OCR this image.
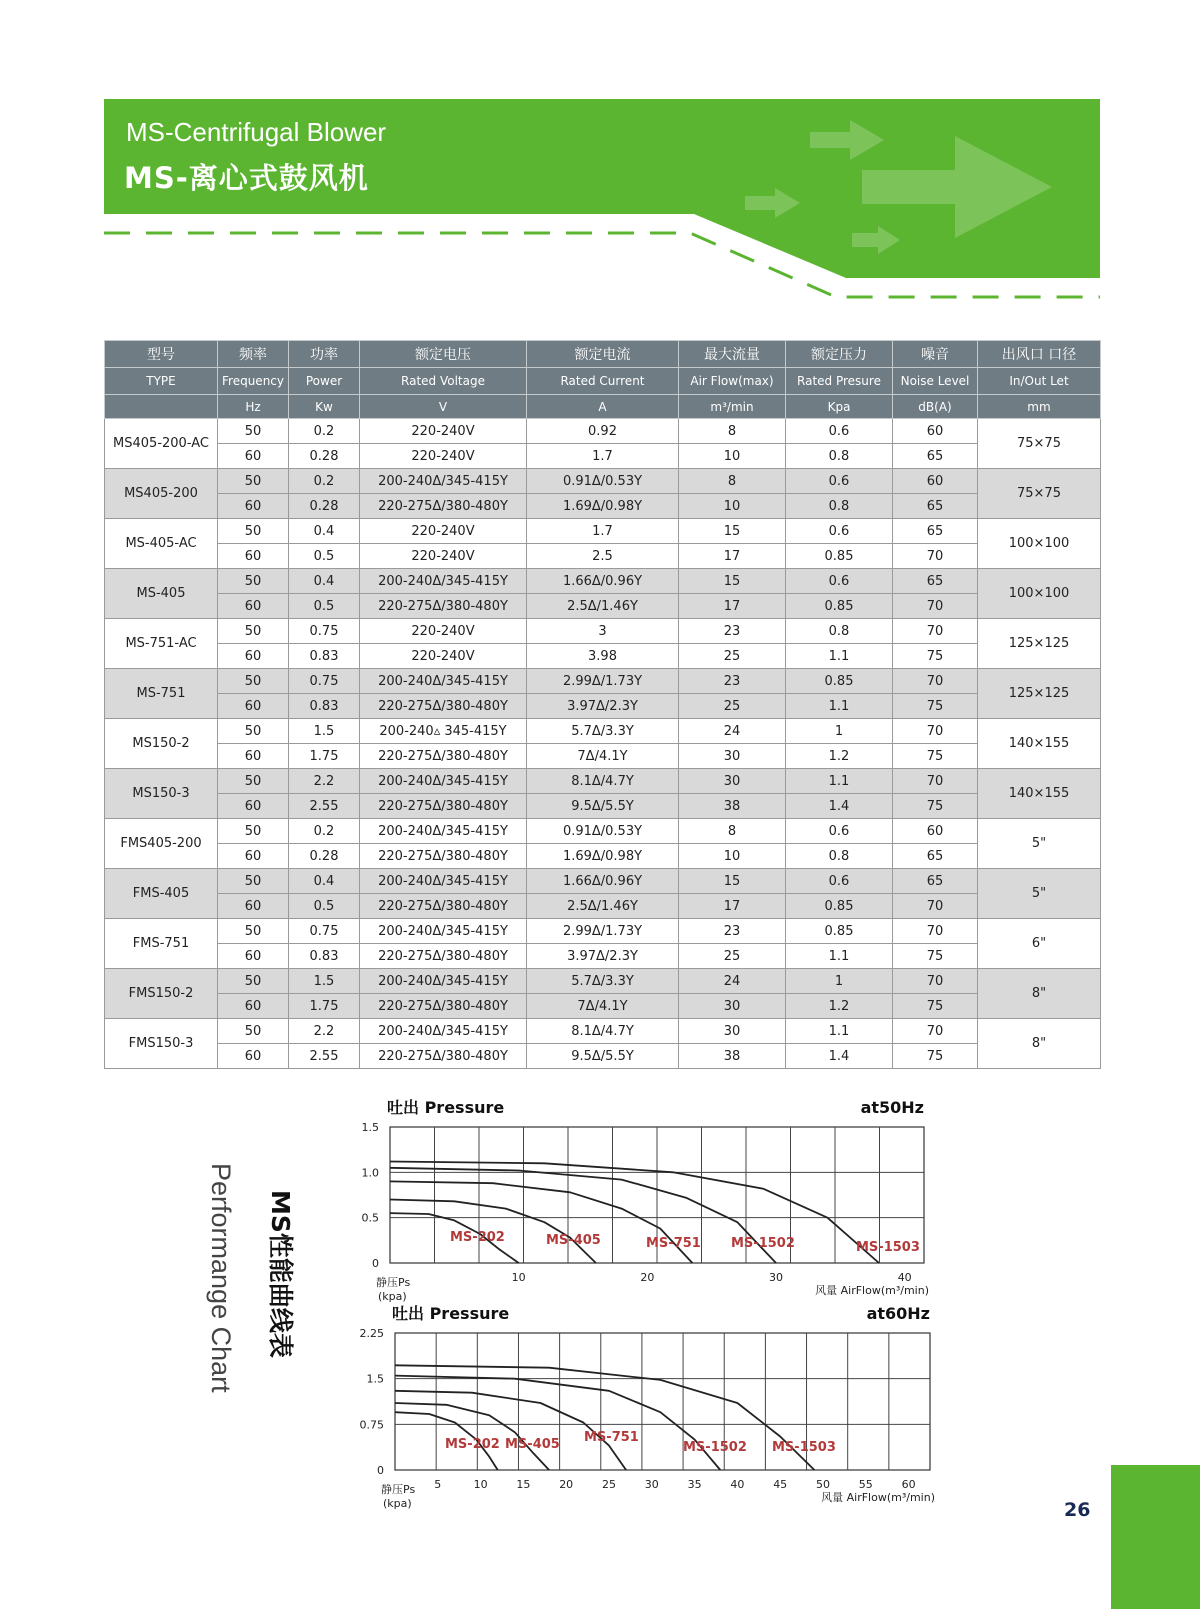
MS-Centrifugal Blower
MS-离心式鼓风机
型号	频率	功率	额定电压	额定电流	最大流量	额定压力	噪音	出风口 口径
TYPE	Frequency	Power	Rated Voltage	Rated Current	Air Flow(max)	Rated Presure	Noise Level	In/Out Let
	Hz	Kw	V	A	m³/min	Kpa	dB(A)	mm
MS405-200-AC	50	0.2	220-240V	0.92	8	0.6	60	75×75
	60	0.28	220-240V	1.7	10	0.8	65	
MS405-200	50	0.2	200-240Δ/345-415Y	0.91Δ/0.53Y	8	0.6	60	75×75
	60	0.28	220-275Δ/380-480Y	1.69Δ/0.98Y	10	0.8	65	
MS-405-AC	50	0.4	220-240V	1.7	15	0.6	65	100×100
	60	0.5	220-240V	2.5	17	0.85	70	
MS-405	50	0.4	200-240Δ/345-415Y	1.66Δ/0.96Y	15	0.6	65	100×100
	60	0.5	220-275Δ/380-480Y	2.5Δ/1.46Y	17	0.85	70	
MS-751-AC	50	0.75	220-240V	3	23	0.8	70	125×125
	60	0.83	220-240V	3.98	25	1.1	75	
MS-751	50	0.75	200-240Δ/345-415Y	2.99Δ/1.73Y	23	0.85	70	125×125
	60	0.83	220-275Δ/380-480Y	3.97Δ/2.3Y	25	1.1	75	
MS150-2	50	1.5	200-240▵ 345-415Y	5.7Δ/3.3Y	24	1	70	140×155
	60	1.75	220-275Δ/380-480Y	7Δ/4.1Y	30	1.2	75	
MS150-3	50	2.2	200-240Δ/345-415Y	8.1Δ/4.7Y	30	1.1	70	140×155
	60	2.55	220-275Δ/380-480Y	9.5Δ/5.5Y	38	1.4	75	
FMS405-200	50	0.2	200-240Δ/345-415Y	0.91Δ/0.53Y	8	0.6	60	5"
	60	0.28	220-275Δ/380-480Y	1.69Δ/0.98Y	10	0.8	65	
FMS-405	50	0.4	200-240Δ/345-415Y	1.66Δ/0.96Y	15	0.6	65	5"
	60	0.5	220-275Δ/380-480Y	2.5Δ/1.46Y	17	0.85	70	
FMS-751	50	0.75	200-240Δ/345-415Y	2.99Δ/1.73Y	23	0.85	70	6"
	60	0.83	220-275Δ/380-480Y	3.97Δ/2.3Y	25	1.1	75	
FMS150-2	50	1.5	200-240Δ/345-415Y	5.7Δ/3.3Y	24	1	70	8"
	60	1.75	220-275Δ/380-480Y	7Δ/4.1Y	30	1.2	75	
FMS150-3	50	2.2	200-240Δ/345-415Y	8.1Δ/4.7Y	30	1.1	70	8"
	60	2.55	220-275Δ/380-480Y	9.5Δ/5.5Y	38	1.4	75	
Performange Chart MS性能曲线表	0
0.5
1.0
1.5
10	20	30	40
吐出 Pressure	at50Hz
静压Ps
(kpa)	风量 AirFlow(m³/min)
MS-202	MS-405	MS-751 MS-1502	MS-1503
0
0.75
1.5
2.25
5	10	15	20	25	30	35	40	45	50	55	60
吐出 Pressure	at60Hz
静压Ps
(kpa)	风量 AirFlow(m³/min)
MS-202 MS-405 MS-751
MS-1502 MS-1503
26
